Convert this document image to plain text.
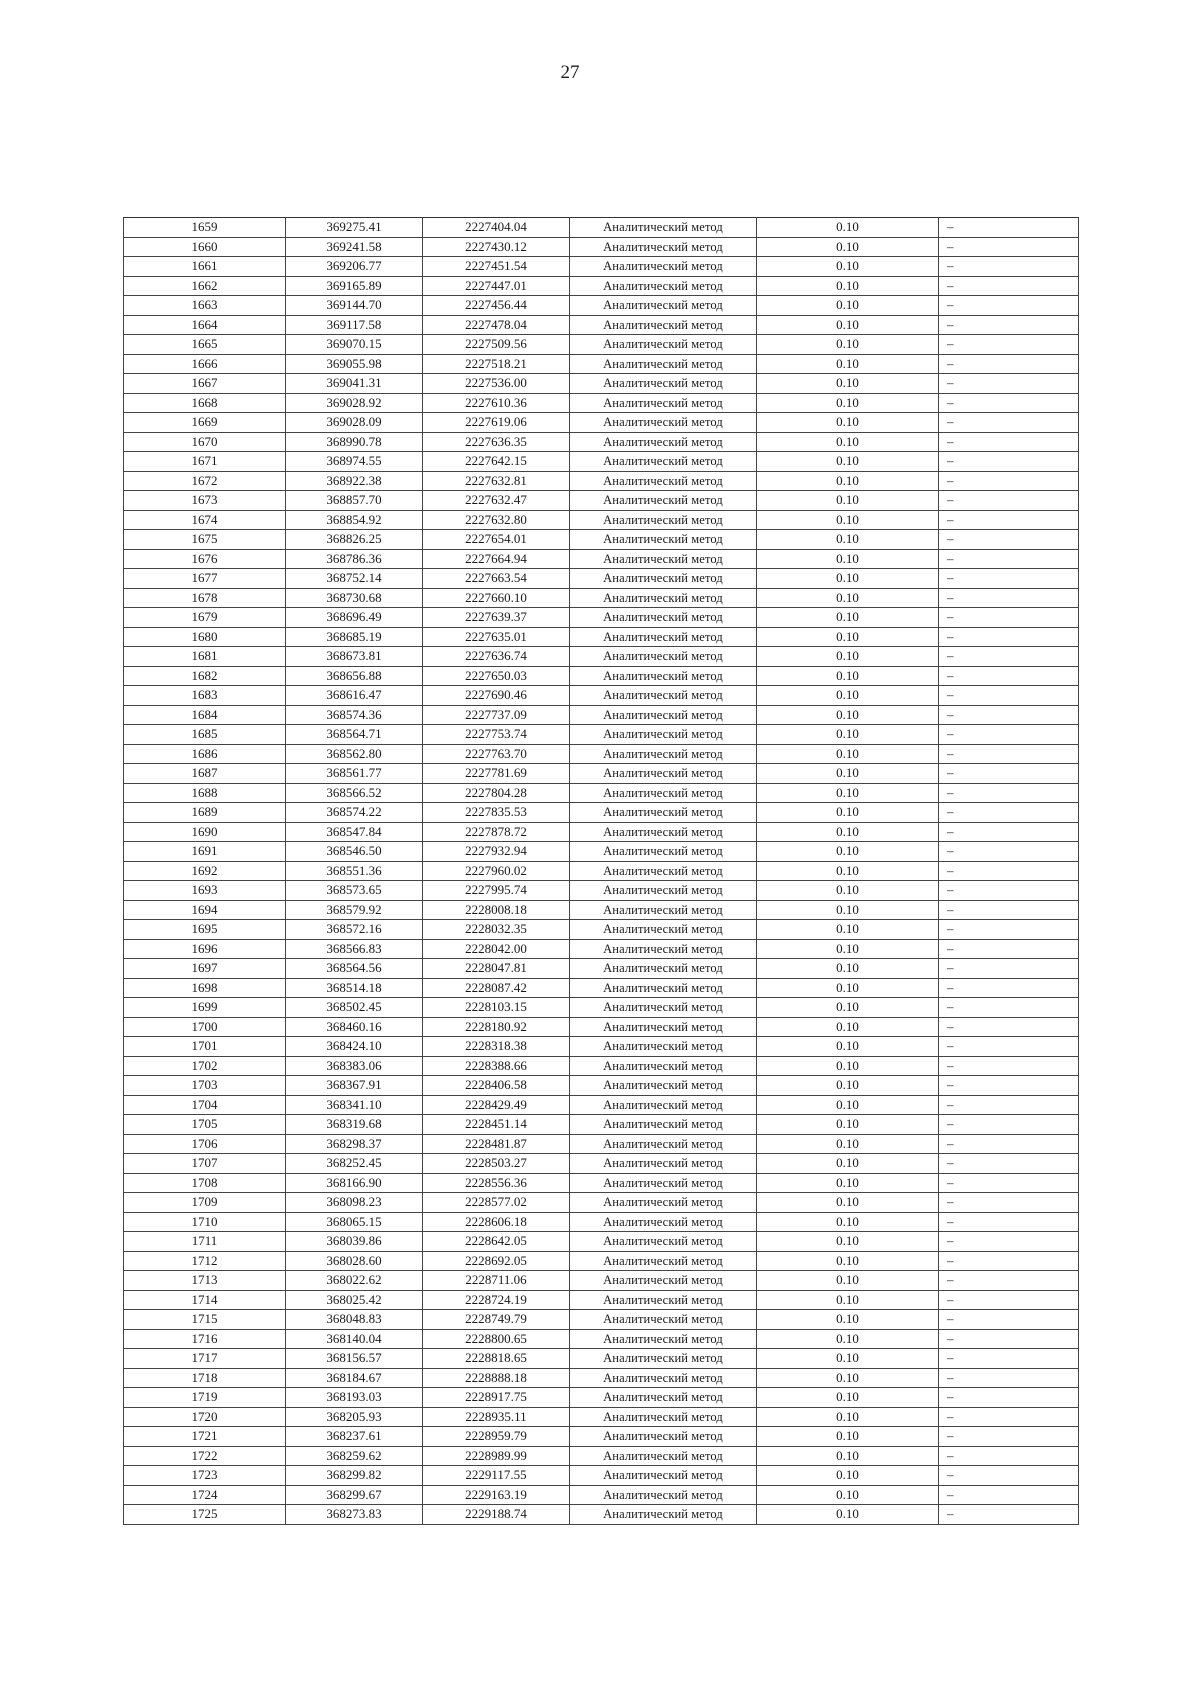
27
1659	369275.41	2227404.04	Аналитический метод	0.10	–
1660	369241.58	2227430.12	Аналитический метод	0.10	–
1661	369206.77	2227451.54	Аналитический метод	0.10	–
1662	369165.89	2227447.01	Аналитический метод	0.10	–
1663	369144.70	2227456.44	Аналитический метод	0.10	–
1664	369117.58	2227478.04	Аналитический метод	0.10	–
1665	369070.15	2227509.56	Аналитический метод	0.10	–
1666	369055.98	2227518.21	Аналитический метод	0.10	–
1667	369041.31	2227536.00	Аналитический метод	0.10	–
1668	369028.92	2227610.36	Аналитический метод	0.10	–
1669	369028.09	2227619.06	Аналитический метод	0.10	–
1670	368990.78	2227636.35	Аналитический метод	0.10	–
1671	368974.55	2227642.15	Аналитический метод	0.10	–
1672	368922.38	2227632.81	Аналитический метод	0.10	–
1673	368857.70	2227632.47	Аналитический метод	0.10	–
1674	368854.92	2227632.80	Аналитический метод	0.10	–
1675	368826.25	2227654.01	Аналитический метод	0.10	–
1676	368786.36	2227664.94	Аналитический метод	0.10	–
1677	368752.14	2227663.54	Аналитический метод	0.10	–
1678	368730.68	2227660.10	Аналитический метод	0.10	–
1679	368696.49	2227639.37	Аналитический метод	0.10	–
1680	368685.19	2227635.01	Аналитический метод	0.10	–
1681	368673.81	2227636.74	Аналитический метод	0.10	–
1682	368656.88	2227650.03	Аналитический метод	0.10	–
1683	368616.47	2227690.46	Аналитический метод	0.10	–
1684	368574.36	2227737.09	Аналитический метод	0.10	–
1685	368564.71	2227753.74	Аналитический метод	0.10	–
1686	368562.80	2227763.70	Аналитический метод	0.10	–
1687	368561.77	2227781.69	Аналитический метод	0.10	–
1688	368566.52	2227804.28	Аналитический метод	0.10	–
1689	368574.22	2227835.53	Аналитический метод	0.10	–
1690	368547.84	2227878.72	Аналитический метод	0.10	–
1691	368546.50	2227932.94	Аналитический метод	0.10	–
1692	368551.36	2227960.02	Аналитический метод	0.10	–
1693	368573.65	2227995.74	Аналитический метод	0.10	–
1694	368579.92	2228008.18	Аналитический метод	0.10	–
1695	368572.16	2228032.35	Аналитический метод	0.10	–
1696	368566.83	2228042.00	Аналитический метод	0.10	–
1697	368564.56	2228047.81	Аналитический метод	0.10	–
1698	368514.18	2228087.42	Аналитический метод	0.10	–
1699	368502.45	2228103.15	Аналитический метод	0.10	–
1700	368460.16	2228180.92	Аналитический метод	0.10	–
1701	368424.10	2228318.38	Аналитический метод	0.10	–
1702	368383.06	2228388.66	Аналитический метод	0.10	–
1703	368367.91	2228406.58	Аналитический метод	0.10	–
1704	368341.10	2228429.49	Аналитический метод	0.10	–
1705	368319.68	2228451.14	Аналитический метод	0.10	–
1706	368298.37	2228481.87	Аналитический метод	0.10	–
1707	368252.45	2228503.27	Аналитический метод	0.10	–
1708	368166.90	2228556.36	Аналитический метод	0.10	–
1709	368098.23	2228577.02	Аналитический метод	0.10	–
1710	368065.15	2228606.18	Аналитический метод	0.10	–
1711	368039.86	2228642.05	Аналитический метод	0.10	–
1712	368028.60	2228692.05	Аналитический метод	0.10	–
1713	368022.62	2228711.06	Аналитический метод	0.10	–
1714	368025.42	2228724.19	Аналитический метод	0.10	–
1715	368048.83	2228749.79	Аналитический метод	0.10	–
1716	368140.04	2228800.65	Аналитический метод	0.10	–
1717	368156.57	2228818.65	Аналитический метод	0.10	–
1718	368184.67	2228888.18	Аналитический метод	0.10	–
1719	368193.03	2228917.75	Аналитический метод	0.10	–
1720	368205.93	2228935.11	Аналитический метод	0.10	–
1721	368237.61	2228959.79	Аналитический метод	0.10	–
1722	368259.62	2228989.99	Аналитический метод	0.10	–
1723	368299.82	2229117.55	Аналитический метод	0.10	–
1724	368299.67	2229163.19	Аналитический метод	0.10	–
1725	368273.83	2229188.74	Аналитический метод	0.10	–
